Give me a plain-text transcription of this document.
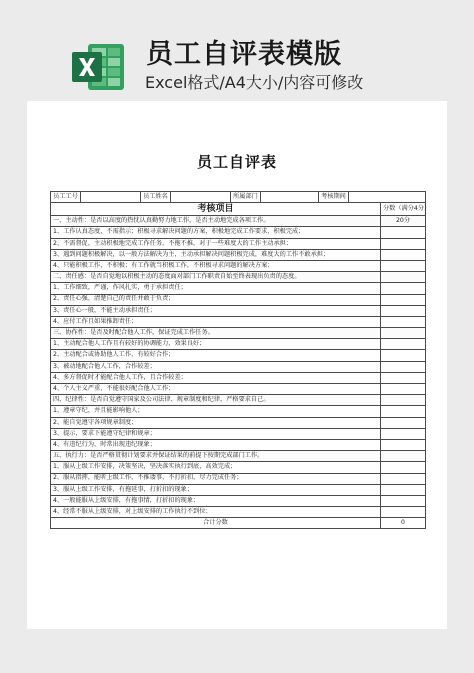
员工自评表模版
Excel格式/A4大小/内容可修改
员工自评表
员工工号		员工姓名		所属部门		考核期间		
考核项目								分数（满分4分）
一、主动性：是否以高度的热忱认真勤努力地工作，是否主动地完成各项工作。								20分
1、工作认真态度，不需指示；积极寻求解决问题的方案，积极地完成工作要求，积极完成；								
2、不需督促，主动积极地完成工作任务，不拖不推，对于一些难度大的工作主动承担；								
3、遇到问题积极解决，以一般方法解决为主，主动承担解决问题积极完成，难度大的工作不敢承担；								
4、只能积极工作，不积极；有工作就当积极工作，不积极寻求问题的解决方案；								
二、责任感：是否自觉地以积极主动的态度面对部门工作职责自始至终表现出负责的态度。								
1、工作细致，严谨，作风扎实，勇于承担责任；								
2、责任心强，清楚自己的责任并敢于负责；								
3、责任心一般，不能主动承担责任；								
4、应付工作且如果推卸责任；								
三、协作性：是否及时配合他人工作，保证完成工作任务。								
1、主动配合他人工作且有较好的协调能力，效果良好；								
2、主动配合或协助他人工作，有较好合作；								
3、被动地配合他人工作，合作较差；								
4、多方督促时才能配合他人工作，且合作较差；								
4、个人主义严重，不能很好配合他人工作；								
四、纪律性：是否自觉遵守国家及公司法律、规章制度和纪律，严格要求自己。								
1、遵章守纪，并且能影响他人；								
2、能自觉遵守各项规章制度；								
3、提示，要求下能遵守纪律和规章；								
4、有违纪行为，时常出现违纪现象；								
五、执行力：是否严格贯彻计划要求并保证结果的前提下按期完成部门工作。								
1、服从上级工作安排，决策坚决，坚决落实执行到底，高效完成；								
2、服从指挥，能听上级工作，不推诿事，不打折扣，尽力完成任务；								
3、服从上级工作安排，有拖延事，打折扣的现象；								
4、一般能服从上级安排，有拖事情，打折扣的现象；								
4、经常不服从上级安排，对上级安排的工作执行不到位；								
合计分数								0
